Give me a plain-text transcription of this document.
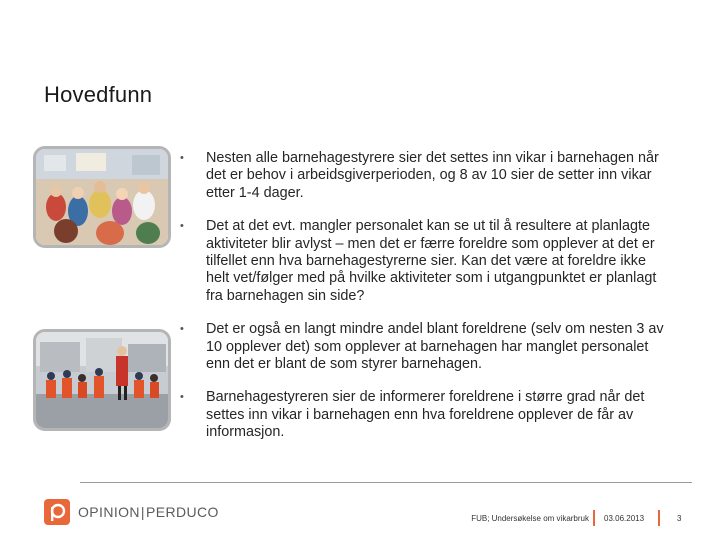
Hovedfunn
• Nesten alle barnehagestyrere sier det settes inn vikar i barnehagen når det er behov i arbeidsgiverperioden, og 8 av 10 sier de setter inn vikar etter 1-4 dager.
• Det at det evt. mangler personalet kan se ut til å resultere at planlagte aktiviteter blir avlyst – men det er færre foreldre som opplever at det er tilfellet enn hva barnehagestyrerne sier. Kan det være at foreldre ikke helt vet/følger med på hvilke aktiviteter som i utgangpunktet er planlagt fra barnehagen sin side?
• Det er også en langt mindre andel blant foreldrene (selv om nesten 3 av 10 opplever det) som opplever at barnehagen har manglet personalet enn det er blant de som styrer barnehagen.
• Barnehagestyreren sier de informerer foreldrene i større grad når det settes inn vikar i barnehagen enn hva foreldrene opplever de får av informasjon.
OPINION|PERDUCO	FUB; Undersøkelse om vikarbruk 03.06.2013	3
